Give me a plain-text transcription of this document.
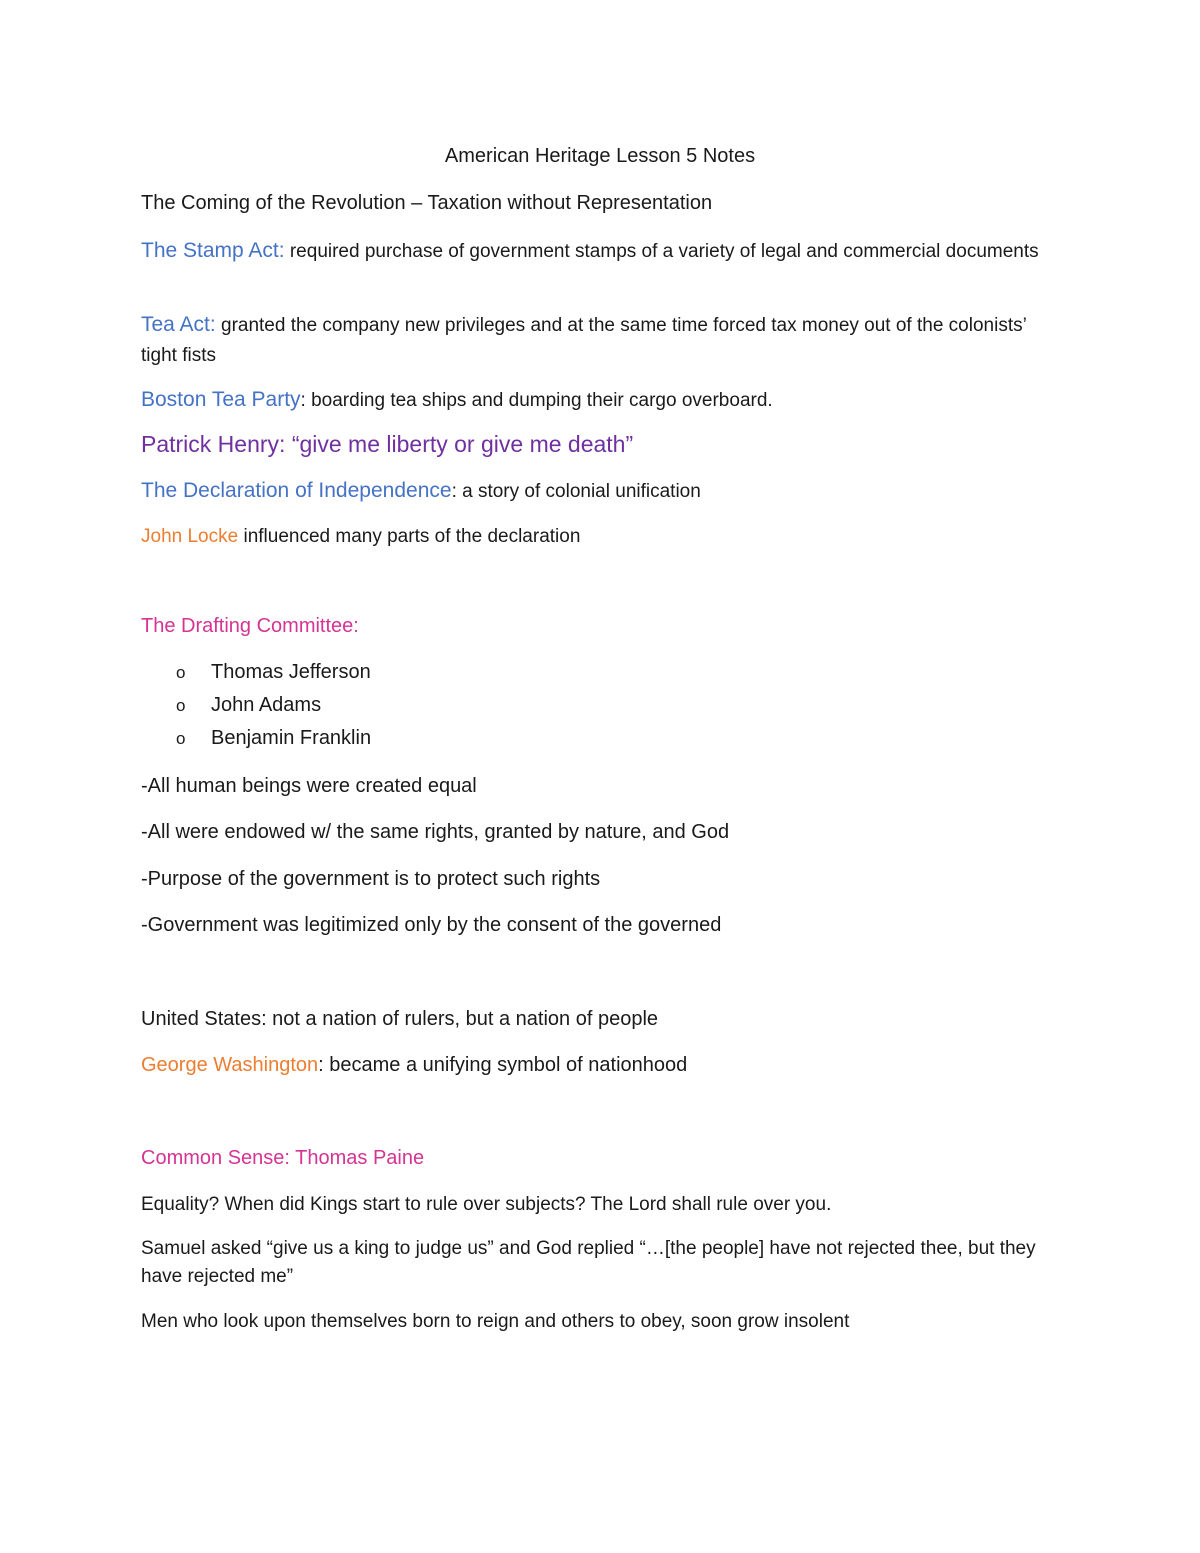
American Heritage Lesson 5 Notes
The Coming of the Revolution – Taxation without Representation
The Stamp Act: required purchase of government stamps of a variety of legal and commercial documents
Tea Act: granted the company new privileges and at the same time forced tax money out of the colonists’ tight fists
Boston Tea Party: boarding tea ships and dumping their cargo overboard.
Patrick Henry: “give me liberty or give me death”
The Declaration of Independence: a story of colonial unification
John Locke influenced many parts of the declaration
The Drafting Committee:
o Thomas Jefferson
o John Adams
o Benjamin Franklin
-All human beings were created equal
-All were endowed w/ the same rights, granted by nature, and God
-Purpose of the government is to protect such rights
-Government was legitimized only by the consent of the governed
United States: not a nation of rulers, but a nation of people
George Washington: became a unifying symbol of nationhood
Common Sense: Thomas Paine
Equality? When did Kings start to rule over subjects? The Lord shall rule over you.
Samuel asked “give us a king to judge us” and God replied “…[the people] have not rejected thee, but they have rejected me”
Men who look upon themselves born to reign and others to obey, soon grow insolent
